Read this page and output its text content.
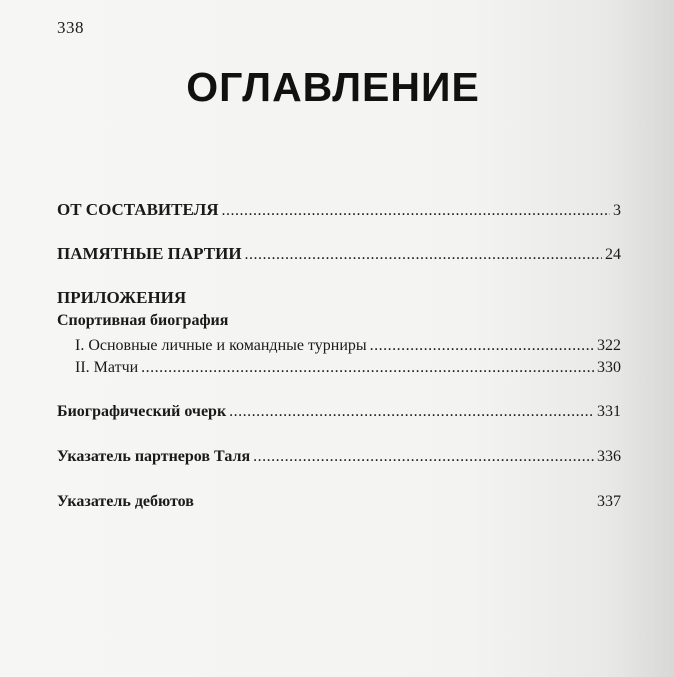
338
ОГЛАВЛЕНИЕ
ОТ СОСТАВИТЕЛЯ .....	3
ПАМЯТНЫЕ ПАРТИИ .....	24
ПРИЛОЖЕНИЯ
Спортивная биография
I. Основные личные и командные турниры .....	322
II. Матчи .....	330
Биографический очерк .....	331
Указатель партнеров Таля .....	336
Указатель дебютов	337
